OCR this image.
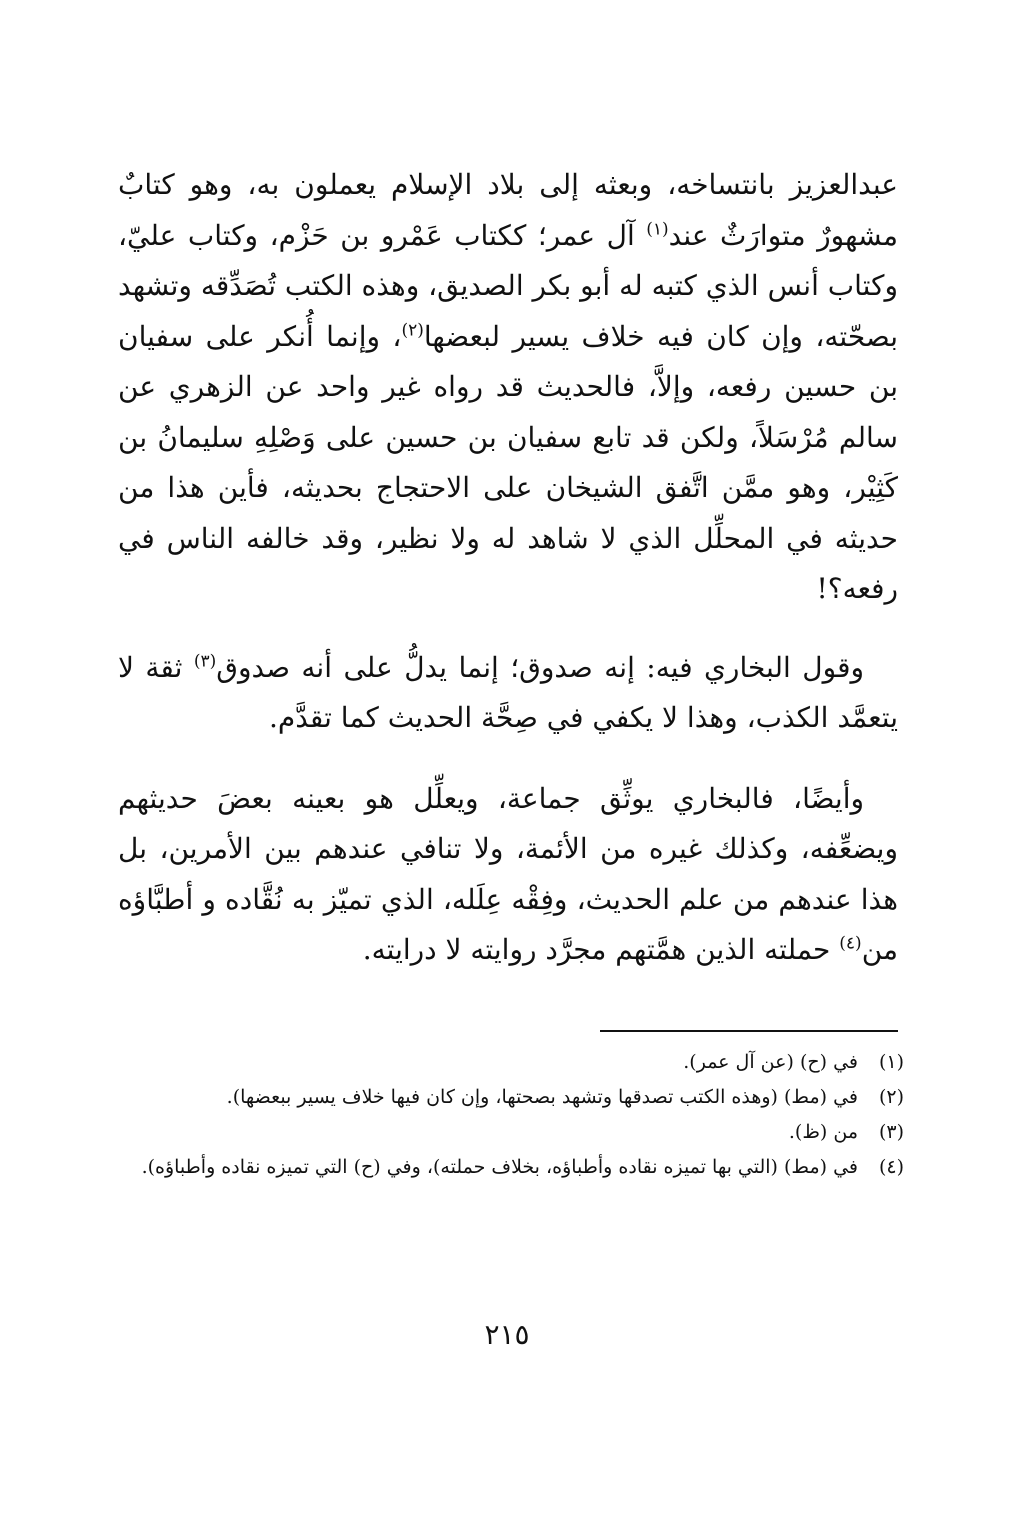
عبدالعزيز بانتساخه، وبعثه إلى بلاد الإسلام يعملون به، وهو كتابٌ مشهورٌ متوارَثٌ عند$^{(١)}$ آل عمر؛ ككتاب عَمْرو بن حَزْم، وكتاب عليّ، وكتاب أنس الذي كتبه له أبو بكر الصديق، وهذه الكتب تُصَدِّقه وتشهد بصحّته، وإن كان فيه خلاف يسير لبعضها$^{(٢)}$، وإنما أُنكر على سفيان بن حسين رفعه، وإلاَّ، فالحديث قد رواه غير واحد عن الزهري عن سالم مُرْسَلاً، ولكن قد تابع سفيان بن حسين على وَصْلِهِ سليمانُ بن كَثِيْر، وهو ممَّن اتَّفق الشيخان على الاحتجاج بحديثه، فأين هذا من حديثه في المحلِّل الذي لا شاهد له ولا نظير، وقد خالفه الناس في رفعه؟!

وقول البخاري فيه: إنه صدوق؛ إنما يدلُّ على أنه صدوق$^{(٣)}$ ثقة لا يتعمَّد الكذب، وهذا لا يكفي في صِحَّة الحديث كما تقدَّم.

وأيضًا، فالبخاري يوثِّق جماعة، ويعلِّل هو بعينه بعضَ حديثهم ويضعِّفه، وكذلك غيره من الأئمة، ولا تنافي عندهم بين الأمرين، بل هذا عندهم من علم الحديث، وفِقْه عِلَله، الذي تميّز به نُقَّاده و أطبَّاؤه من$^{(٤)}$ حملته الذين همَّتهم مجرَّد روايته لا درايته.

(١)
في (ح) (عن آل عمر).
(٢)
في (مط) (وهذه الكتب تصدقها وتشهد بصحتها، وإن كان فيها خلاف يسير ببعضها).
(٣)
من (ظ).
(٤)
في (مط) (التي بها تميزه نقاده وأطباؤه، بخلاف حملته)، وفي (ح) التي تميزه نقاده وأطباؤه).
٢١٥
